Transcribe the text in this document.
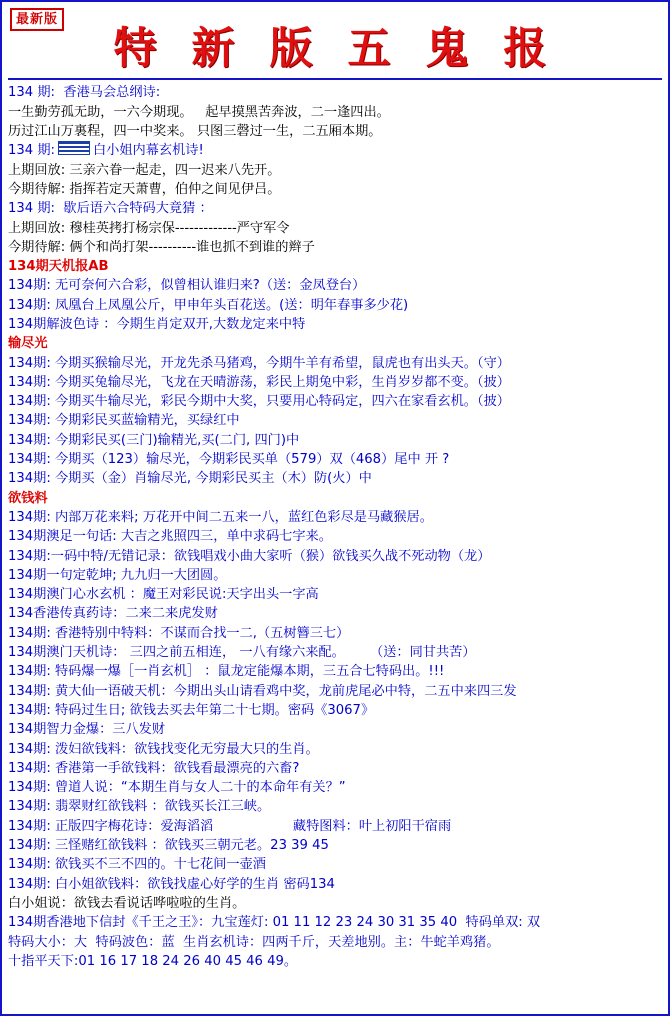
最新版
特 新 版 五 鬼 报
134 期:  香港马会总纲诗:
一生勤劳孤无助，一六今期现。   起早摸黑苦奔波，二一逢四出。
历过江山万裏程，四一中奖来。 只图三磬过一生，二五厢本期。
134 期:	白小姐内幕玄机诗!
上期回放: 三亲六眷一起走，四一迟来八先开。
今期待解: 指挥若定天萧曹，伯仲之间见伊吕。
134 期:  歇后语六合特码大竟猜 ：
上期回放: 穆桂英拷打杨宗保-------------严守军令
今期待解: 俩个和尚打架----------谁也抓不到谁的辫子
134期天机报AB
134期: 无可奈何六合彩，似曾相认谁归来?（送：金凤登台）
134期: 凤凰台上凤凰公斤，甲申年头百花送。(送：明年春事多少花)
134期解波色诗 ：今期生肖定双开,大数龙定来中特
输尽光
134期: 今期买猴输尽光，开龙先杀马猪鸡，今期牛羊有希望，鼠虎也有出头天。（守）
134期: 今期买兔输尽光，飞龙在天晴游荡，彩民上期兔中彩，生肖岁岁都不变。（披）
134期: 今期买牛输尽光，彩民今期中大奖，只要用心特码定，四六在家看玄机。（披）
134期: 今期彩民买蓝输精光，买绿红中
134期: 今期彩民买(三门)输精光,买(二门, 四门)中
134期: 今期买（123）输尽光，今期彩民买单（579）双（468）尾中 开 ?
134期: 今期买（金）肖输尽光, 今期彩民买主（木）防(火）中
欲钱料
134期: 内部万花来料; 万花开中间二五来一八，蓝红色彩尽是马藏猴居。
134期澳足一句话: 大吉之兆照四三，单中求码七字来。
134期:一码中特/无错记录：欲钱唱戏小曲大家听（猴）欲钱买久战不死动物（龙）
134期一句定乾坤; 九九归一大团圆。
134期澳门心水玄机 ：魔王对彩民说:天字出头一字高
134香港传真药诗：二来二来虎发财
134期: 香港特别中特料：不谋而合找一二,（五树簪三七）
134期澳门天机诗： 三四之前五相连， 一八有缘六来配。      （送：同甘共苦）
134期: 特码爆一爆［一肖玄机］ ：鼠龙定能爆本期，三五合七特码出。!!!
134期: 黄大仙一语破天机：今期出头山请看鸡中奖，龙前虎尾必中特，二五中来四三发
134期: 特码过生日; 欲钱去买去年第二十七期。密码《3067》
134期智力金爆：三八发财
134期: 泼妇欲钱料：欲钱找变化无穷最大只的生肖。
134期: 香港第一手欲钱料：欲钱看最漂亮的六畜?
134期: 曾道人说：“本期生肖与女人二十的本命年有关？”
134期: 翡翠财红欲钱料 ：欲钱买长江三峡。
134期: 正版四字梅花诗：爱海滔滔                   藏特图料：叶上初阳干宿雨
134期: 三怪赌红欲钱料 ：欲钱买三朝元老。23 39 45
134期: 欲钱买不三不四的。十七花间一壶酒
134期: 白小姐欲钱料：欲钱找虚心好学的生肖 密码134
白小姐说：欲钱去看说话哗啦啦的生肖。
134期香港地下信封《千王之王》：九宝莲灯: 01 11 12 23 24 30 31 35 40  特码单双: 双
特码大小：大  特码波色：蓝  生肖玄机诗：四两千斤，天差地别。主：牛蛇羊鸡猪。
十指平天下:01 16 17 18 24 26 40 45 46 49。
